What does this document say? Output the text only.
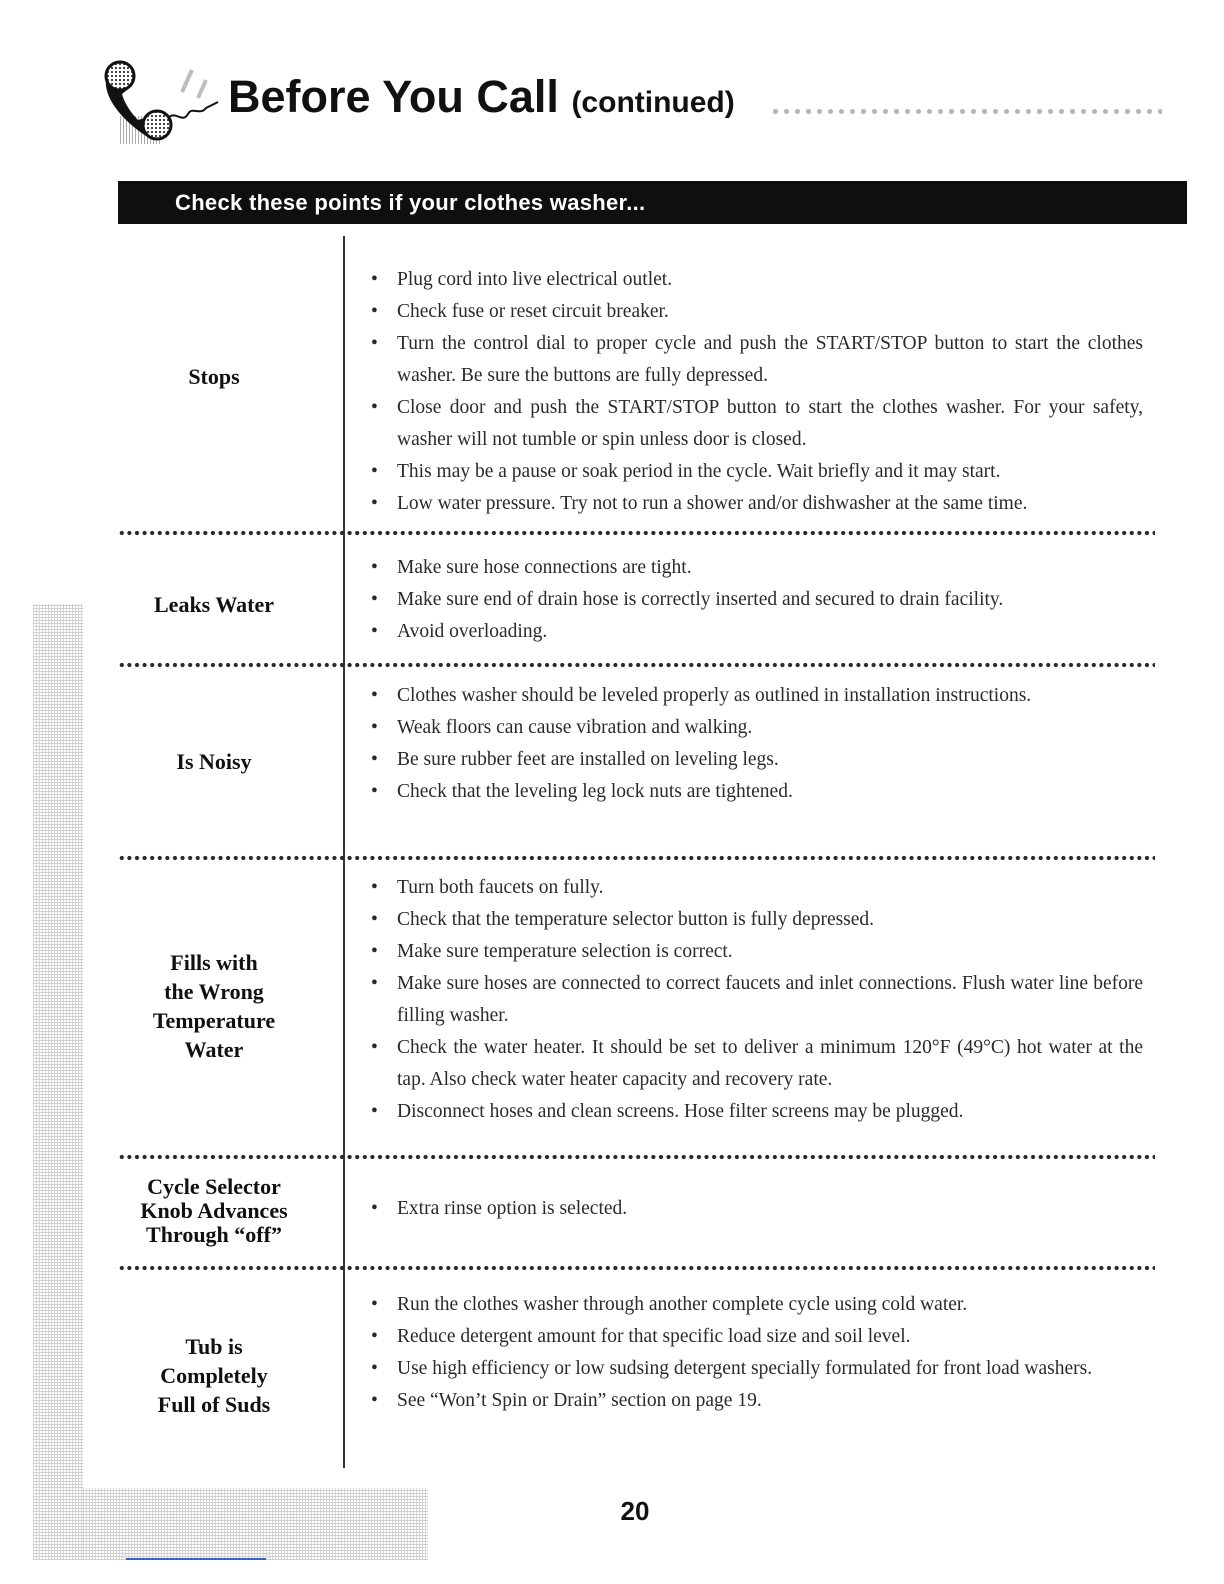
Before You Call (continued)
Check these points if your clothes washer...

Stops

• Plug cord into live electrical outlet.
• Check fuse or reset circuit breaker.
• Turn the control dial to proper cycle and push the START/STOP button to start the clothes washer. Be sure the buttons are fully depressed.
• Close door and push the START/STOP button to start the clothes washer. For your safety, washer will not tumble or spin unless door is closed.
• This may be a pause or soak period in the cycle. Wait briefly and it may start.
• Low water pressure. Try not to run a shower and/or dishwasher at the same time.

Leaks Water

• Make sure hose connections are tight.
• Make sure end of drain hose is correctly inserted and secured to drain facility.
• Avoid overloading.

Is Noisy

• Clothes washer should be leveled properly as outlined in installation instructions.
• Weak floors can cause vibration and walking.
• Be sure rubber feet are installed on leveling legs.
• Check that the leveling leg lock nuts are tightened.

Fills with
the Wrong
Temperature
Water

• Turn both faucets on fully.
• Check that the temperature selector button is fully depressed.
• Make sure temperature selection is correct.
• Make sure hoses are connected to correct faucets and inlet connections. Flush water line before filling washer.
• Check the water heater. It should be set to deliver a minimum 120°F (49°C) hot water at the tap. Also check water heater capacity and recovery rate.
• Disconnect hoses and clean screens. Hose filter screens may be plugged.

Cycle Selector
Knob Advances
Through “off”

• Extra rinse option is selected.

Tub is
Completely
Full of Suds

• Run the clothes washer through another complete cycle using cold water.
• Reduce detergent amount for that specific load size and soil level.
• Use high efficiency or low sudsing detergent specially formulated for front load washers.
• See “Won’t Spin or Drain” section on page 19.
20
